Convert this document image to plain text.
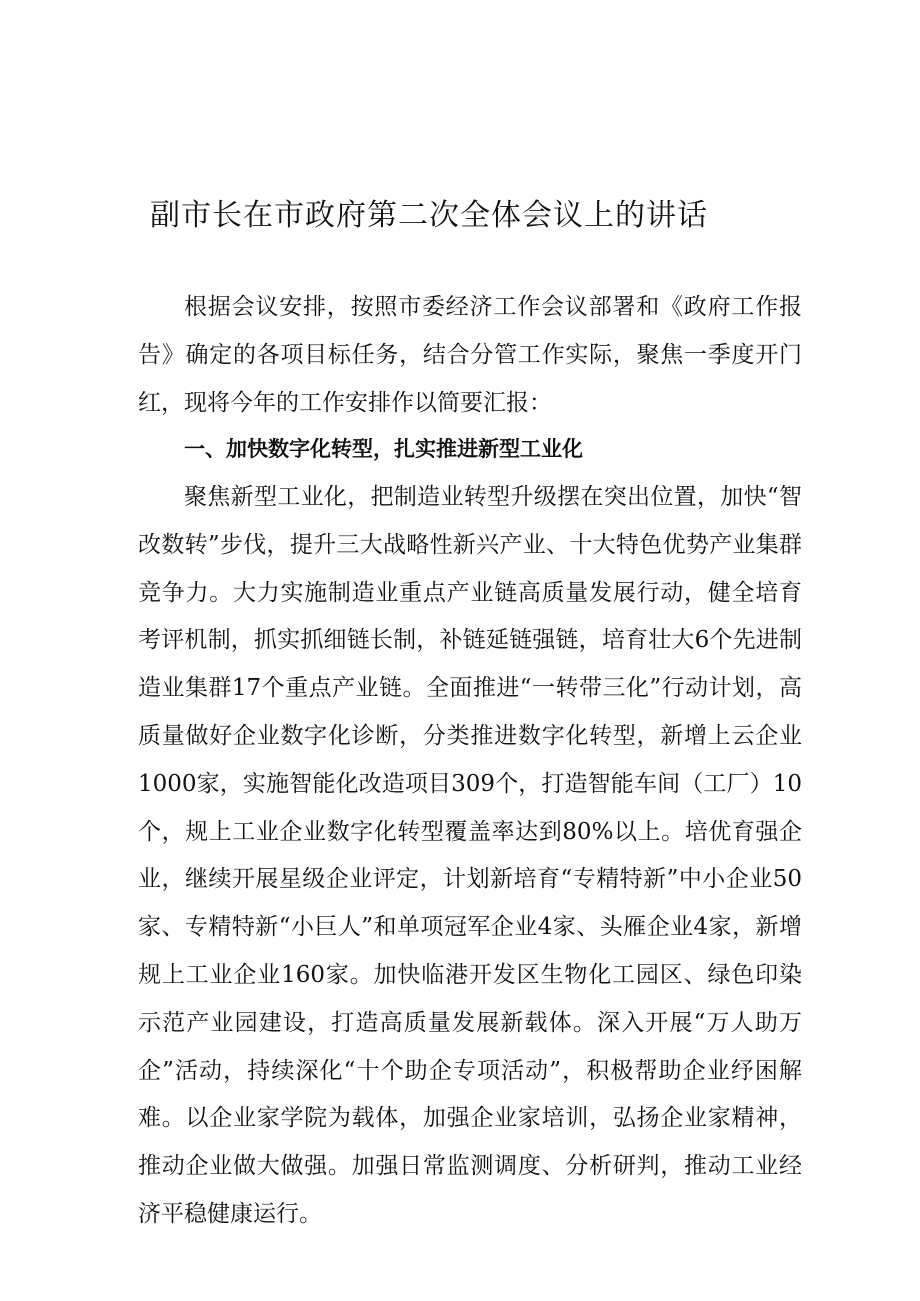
副市长在市政府第二次全体会议上的讲话

根据会议安排，按照市委经济工作会议部署和《政府工作报告》确定的各项目标任务，结合分管工作实际，聚焦一季度开门红，现将今年的工作安排作以简要汇报：

一、加快数字化转型，扎实推进新型工业化

聚焦新型工业化，把制造业转型升级摆在突出位置，加快“智改数转”步伐，提升三大战略性新兴产业、十大特色优势产业集群竞争力。大力实施制造业重点产业链高质量发展行动，健全培育考评机制，抓实抓细链长制，补链延链强链，培育壮大6个先进制造业集群17个重点产业链。全面推进“一转带三化”行动计划，高质量做好企业数字化诊断，分类推进数字化转型，新增上云企业1000家，实施智能化改造项目309个，打造智能车间（工厂）10个，规上工业企业数字化转型覆盖率达到80%以上。培优育强企业，继续开展星级企业评定，计划新培育“专精特新”中小企业50家、专精特新“小巨人”和单项冠军企业4家、头雁企业4家，新增规上工业企业160家。加快临港开发区生物化工园区、绿色印染示范产业园建设，打造高质量发展新载体。深入开展“万人助万企”活动，持续深化“十个助企专项活动”，积极帮助企业纾困解难。以企业家学院为载体，加强企业家培训，弘扬企业家精神，推动企业做大做强。加强日常监测调度、分析研判，推动工业经济平稳健康运行。
